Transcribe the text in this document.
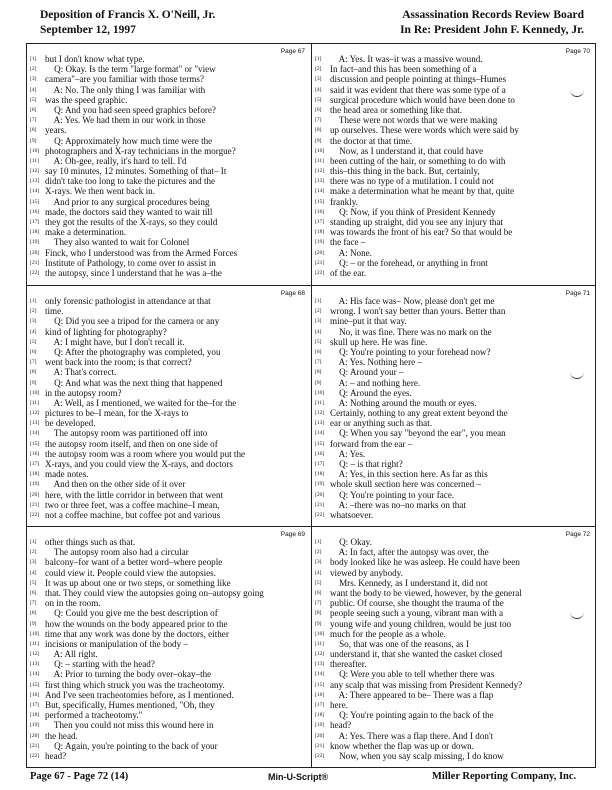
Deposition of Francis X. O'Neill, Jr.
September 12, 1997
Assassination Records Review Board
In Re: President John F. Kennedy, Jr.
Page 67
[1] but I don't know what type.
[2]    Q: Okay. Is the term "large format" or "view
[3] camera"–are you familiar with those terms?
[4]    A: No. The only thing I was familiar with
[5] was the speed graphic.
[6]    Q: And you had seen speed graphics before?
[7]    A: Yes. We had them in our work in those
[8] years.
[9]    Q: Approximately how much time were the
[10] photographers and X-ray technicians in the morgue?
[11]    A: Oh-gee, really, it's hard to tell. I'd
[12] say 10 minutes, 12 minutes. Something of that– It
[13] didn't take too long to take the pictures and the
[14] X-rays. We then went back in.
[15]    And prior to any surgical procedures being
[16] made, the doctors said they wanted to wait till
[17] they got the results of the X-rays, so they could
[18] make a determination.
[19]    They also wanted to wait for Colonel
[20] Finck, who I understood was from the Armed Forces
[21] Institute of Pathology, to come over to assist in
[22] the autopsy, since I understand that he was a–the
Page 70
[1]    A: Yes. It was–it was a massive wound.
[2] In fact–and this has been something of a
[3] discussion and people pointing at things–Humes
[4] said it was evident that there was some type of a
[5] surgical procedure which would have been done to
[6] the head area or something like that.
[7]    These were not words that we were making
[8] up ourselves. These were words which were said by
[9] the doctor at that time.
[10]    Now, as I understand it, that could have
[11] been cutting of the hair, or something to do with
[12] this–this thing in the back. But, certainly,
[13] there was no type of a mutilation. I could not
[14] make a determination what he meant by that, quite
[15] frankly.
[16]    Q: Now, if you think of President Kennedy
[17] standing up straight, did you see any injury that
[18] was towards the front of his ear? So that would be
[19] the face –
[20]    A: None.
[21]    Q: – or the forehead, or anything in front
[22] of the ear.
Page 68
[1] only forensic pathologist in attendance at that
[2] time.
[3]    Q: Did you see a tripod for the camera or any
[4] kind of lighting for photography?
[5]    A: I might have, but I don't recall it.
[6]    Q: After the photography was completed, you
[7] went back into the room; is that correct?
[8]    A: That's correct.
[9]    Q: And what was the next thing that happened
[10] in the autopsy room?
[11]    A: Well, as I mentioned, we waited for the–for the
[12] pictures to be–I mean, for the X-rays to
[13] be developed.
[14]    The autopsy room was partitioned off into
[15] the autopsy room itself, and then on one side of
[16] the autopsy room was a room where you would put the
[17] X-rays, and you could view the X-rays, and doctors
[18] made notes.
[19]    And then on the other side of it over
[20] here, with the little corridor in between that went
[21] two or three feet, was a coffee machine–I mean,
[22] not a coffee machine, but coffee pot and various
Page 71
[1]    A: His face was– Now, please don't get me
[2] wrong. I won't say better than yours. Better than
[3] mine–put it that way.
[4]    No, it was fine. There was no mark on the
[5] skull up here. He was fine.
[6]    Q: You're pointing to your forehead now?
[7]    A: Yes. Nothing here –
[8]    Q: Around your –
[9]    A: – and nothing here.
[10]    Q: Around the eyes.
[11]    A: Nothing around the mouth or eyes.
[12] Certainly, nothing to any great extent beyond the
[13] ear or anything such as that.
[14]    Q: When you say "beyond the ear", you mean
[15] forward from the ear –
[16]    A: Yes.
[17]    Q: – is that right?
[18]    A: Yes, in this section here. As far as this
[19] whole skull section here was concerned –
[20]    Q: You're pointing to your face.
[21]    A: –there was no–no marks on that
[22] whatsoever.
Page 69
[1] other things such as that.
[2]    The autopsy room also had a circular
[3] balcony–for want of a better word–where people
[4] could view it. People could view the autopsies.
[5] It was up about one or two steps, or something like
[6] that. They could view the autopsies going on–autopsy going
[7] on in the room.
[8]    Q: Could you give me the best description of
[9] how the wounds on the body appeared prior to the
[10] time that any work was done by the doctors, either
[11] incisions or manipulation of the body –
[12]    A: All right.
[13]    Q: – starting with the head?
[14]    A: Prior to turning the body over–okay–the
[15] first thing which struck you was the tracheotomy.
[16] And I've seen tracheotomies before, as I mentioned.
[17] But, specifically, Humes mentioned, "Oh, they
[18] performed a tracheotomy."
[19]    Then you could not miss this wound here in
[20] the head.
[21]    Q: Again, you're pointing to the back of your
[22] head?
Page 72
[1]    Q: Okay.
[2]    A: In fact, after the autopsy was over, the
[3] body looked like he was asleep. He could have been
[4] viewed by anybody.
[5]    Mrs. Kennedy, as I understand it, did not
[6] want the body to be viewed, however, by the general
[7] public. Of course, she thought the trauma of the
[8] people seeing such a young, vibrant man with a
[9] young wife and young children, would be just too
[10] much for the people as a whole.
[11]    So, that was one of the reasons, as I
[12] understand it, that she wanted the casket closed
[13] thereafter.
[14]    Q: Were you able to tell whether there was
[15] any scalp that was missing from President Kennedy?
[16]    A: There appeared to be– There was a flap
[17] here.
[18]    Q: You're pointing again to the back of the
[19] head?
[20]    A: Yes. There was a flap there. And I don't
[21] know whether the flap was up or down.
[22]    Now, when you say scalp missing, I do know
Page 67 - Page 72 (14)	Min-U-Script®	Miller Reporting Company, Inc.
